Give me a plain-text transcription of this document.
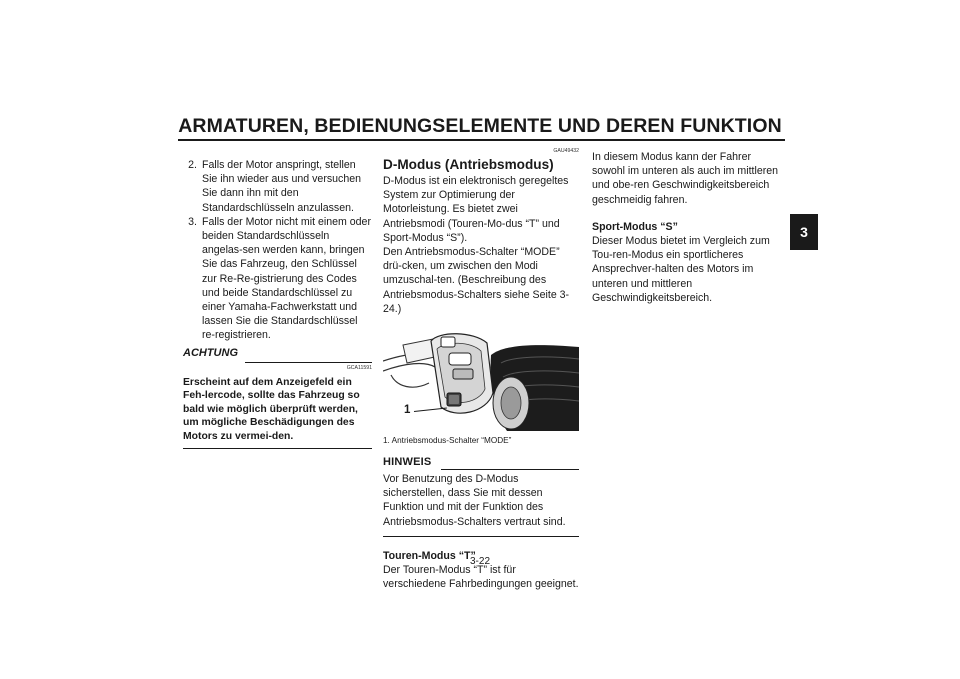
ARMATUREN, BEDIENUNGSELEMENTE UND DEREN FUNKTION
3
2. Falls der Motor anspringt, stellen Sie ihn wieder aus und versuchen Sie dann ihn mit den Standardschlüsseln anzulassen.
3. Falls der Motor nicht mit einem oder beiden Standardschlüsseln angelas-sen werden kann, bringen Sie das Fahrzeug, den Schlüssel zur Re-Re-gistrierung des Codes und beide Standardschlüssel zu einer Yamaha-Fachwerkstatt und lassen Sie die Standardschlüssel re-registrieren.
ACHTUNG
GCA11591
Erscheint auf dem Anzeigefeld ein Feh-lercode, sollte das Fahrzeug so bald wie möglich überprüft werden, um mögliche Beschädigungen des Motors zu vermei-den.
GAU49432
D-Modus (Antriebsmodus)
D-Modus ist ein elektronisch geregeltes System zur Optimierung der Motorleistung. Es bietet zwei Antriebsmodi (Touren-Mo-dus “T” und Sport-Modus “S”).
Den Antriebsmodus-Schalter “MODE” drü-cken, um zwischen den Modi umzuschal-ten. (Beschreibung des Antriebsmodus-Schalters siehe Seite 3-24.)
1
1. Antriebsmodus-Schalter “MODE”
HINWEIS
Vor Benutzung des D-Modus sicherstellen, dass Sie mit dessen Funktion und mit der Funktion des Antriebsmodus-Schalters vertraut sind.
Touren-Modus “T”
Der Touren-Modus “T” ist für verschiedene Fahrbedingungen geeignet.
In diesem Modus kann der Fahrer sowohl im unteren als auch im mittleren und obe-ren Geschwindigkeitsbereich geschmeidig fahren.
Sport-Modus “S”
Dieser Modus bietet im Vergleich zum Tou-ren-Modus ein sportlicheres Ansprechver-halten des Motors im unteren und mittleren Geschwindigkeitsbereich.
3-22
